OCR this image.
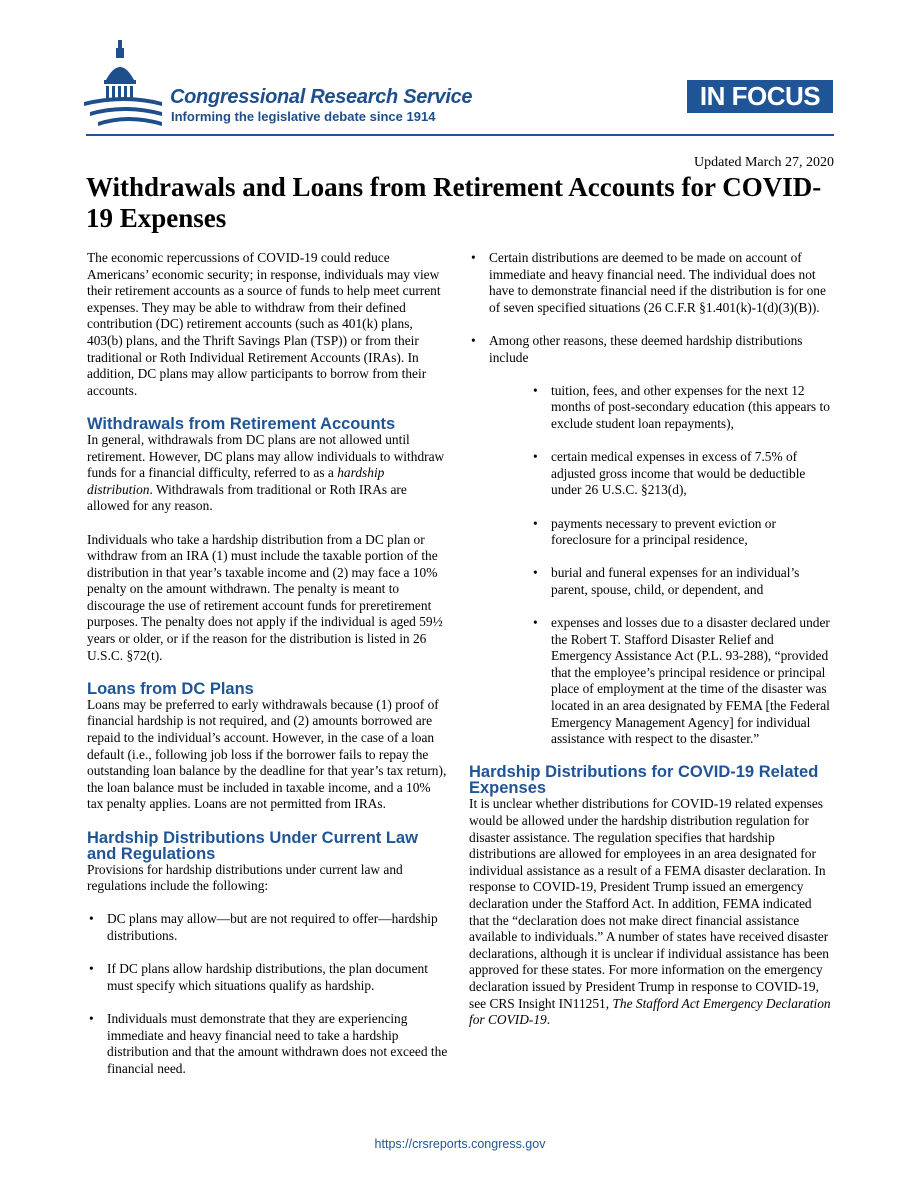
Congressional Research Service
Informing the legislative debate since 1914
IN FOCUS
Updated March 27, 2020
Withdrawals and Loans from Retirement Accounts for COVID-19 Expenses

The economic repercussions of COVID-19 could reduce Americans’ economic security; in response, individuals may view their retirement accounts as a source of funds to help meet current expenses. They may be able to withdraw from their defined contribution (DC) retirement accounts (such as 401(k) plans, 403(b) plans, and the Thrift Savings Plan (TSP)) or from their traditional or Roth Individual Retirement Accounts (IRAs). In addition, DC plans may allow participants to borrow from their accounts.

Withdrawals from Retirement Accounts

In general, withdrawals from DC plans are not allowed until retirement. However, DC plans may allow individuals to withdraw funds for a financial difficulty, referred to as a hardship distribution. Withdrawals from traditional or Roth IRAs are allowed for any reason.

Individuals who take a hardship distribution from a DC plan or withdraw from an IRA (1) must include the taxable portion of the distribution in that year’s taxable income and (2) may face a 10% penalty on the amount withdrawn. The penalty is meant to discourage the use of retirement account funds for preretirement purposes. The penalty does not apply if the individual is aged 59½ years or older, or if the reason for the distribution is listed in 26 U.S.C. §72(t).

Loans from DC Plans

Loans may be preferred to early withdrawals because (1) proof of financial hardship is not required, and (2) amounts borrowed are repaid to the individual’s account. However, in the case of a loan default (i.e., following job loss if the borrower fails to repay the outstanding loan balance by the deadline for that year’s tax return), the loan balance must be included in taxable income, and a 10% tax penalty applies. Loans are not permitted from IRAs.

Hardship Distributions Under Current Law and Regulations

Provisions for hardship distributions under current law and regulations include the following:

• DC plans may allow—but are not required to offer—hardship distributions.
• If DC plans allow hardship distributions, the plan document must specify which situations qualify as hardship.
• Individuals must demonstrate that they are experiencing immediate and heavy financial need to take a hardship distribution and that the amount withdrawn does not exceed the financial need.
• Certain distributions are deemed to be made on account of immediate and heavy financial need. The individual does not have to demonstrate financial need if the distribution is for one of seven specified situations (26 C.F.R §1.401(k)-1(d)(3)(B)).
• Among other reasons, these deemed hardship distributions include
• tuition, fees, and other expenses for the next 12 months of post-secondary education (this appears to exclude student loan repayments),
• certain medical expenses in excess of 7.5% of adjusted gross income that would be deductible under 26 U.S.C. §213(d),
• payments necessary to prevent eviction or foreclosure for a principal residence,
• burial and funeral expenses for an individual’s parent, spouse, child, or dependent, and
• expenses and losses due to a disaster declared under the Robert T. Stafford Disaster Relief and Emergency Assistance Act (P.L. 93-288), “provided that the employee’s principal residence or principal place of employment at the time of the disaster was located in an area designated by FEMA [the Federal Emergency Management Agency] for individual assistance with respect to the disaster.”
Hardship Distributions for COVID-19 Related Expenses

It is unclear whether distributions for COVID-19 related expenses would be allowed under the hardship distribution regulation for disaster assistance. The regulation specifies that hardship distributions are allowed for employees in an area designated for individual assistance as a result of a FEMA disaster declaration. In response to COVID-19, President Trump issued an emergency declaration under the Stafford Act. In addition, FEMA indicated that the “declaration does not make direct financial assistance available to individuals.” A number of states have received disaster declarations, although it is unclear if individual assistance has been approved for these states. For more information on the emergency declaration issued by President Trump in response to COVID-19, see CRS Insight IN11251, The Stafford Act Emergency Declaration for COVID-19.

https://crsreports.congress.gov
